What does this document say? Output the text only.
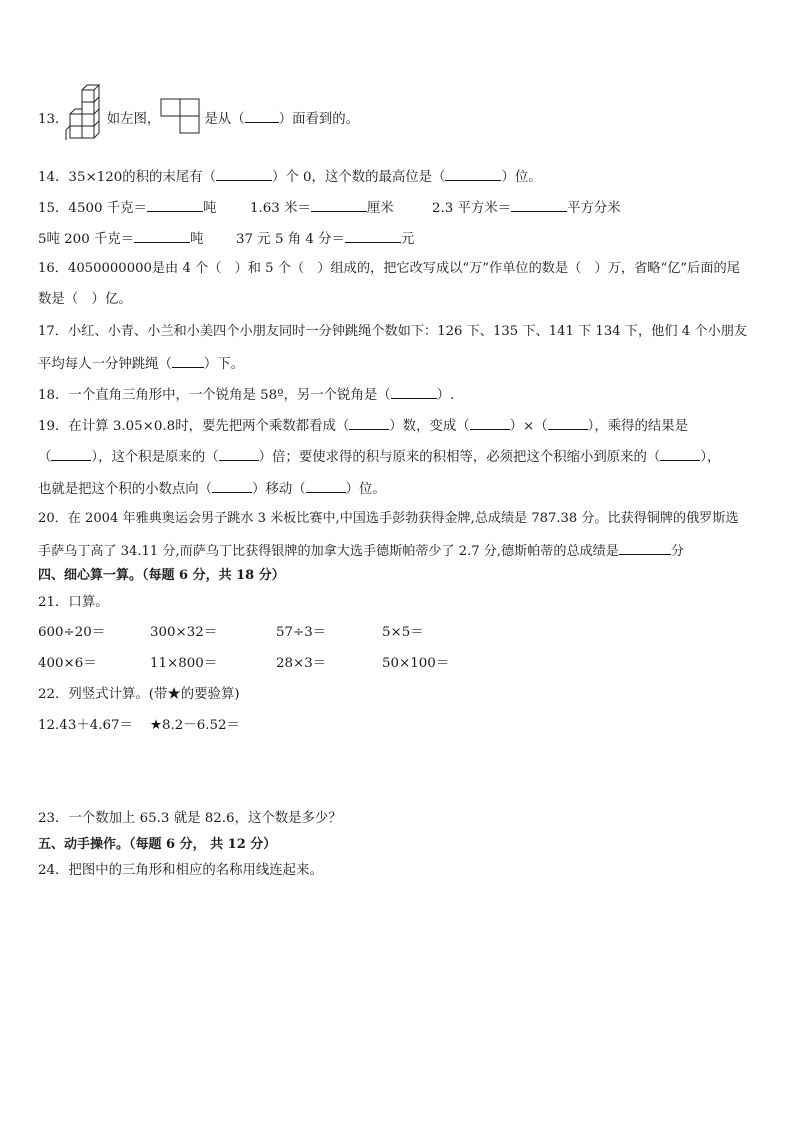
13．	如左图，	是从（	）面看到的。
14．35×120的积的末尾有（	）个 0，这个数的最高位是（	）位。
15．4500 千克＝	吨	1.63 米＝	厘米	2.3 平方米＝	平方分米
5吨 200 千克＝	吨 37 元 5 角 4 分＝	元
16．4050000000是由 4 个（　）和 5 个（　）组成的，把它改写成以“万”作单位的数是（　）万，省略“亿”后面的尾
数是（　）亿。
17．小红、小青、小兰和小美四个小朋友同时一分钟跳绳个数如下：126 下、135 下、141 下 134 下，他们 4 个小朋友
平均每人一分钟跳绳（ ）下。
18．一个直角三角形中，一个锐角是 58º，另一个锐角是（	）.
19．在计算 3.05×0.8时，要先把两个乘数都看成（	）数，变成（	）×（	），乘得的结果是
（	），这个积是原来的（	）倍；要使求得的积与原来的积相等，必须把这个积缩小到原来的（	），
也就是把这个积的小数点向（	）移动（	）位。
20．在 2004 年雅典奥运会男子跳水 3 米板比赛中,中国选手彭勃获得金牌,总成绩是 787.38 分。比获得铜牌的俄罗斯选
手萨乌丁高了 34.11 分,而萨乌丁比获得银牌的加拿大选手德斯帕蒂少了 2.7 分,德斯帕蒂的总成绩是	分
四、细心算一算。（每题 6 分，共 18 分）
21．口算。
600÷20＝	300×32＝	57÷3＝	5×5＝
400×6＝	11×800＝	28×3＝	50×100＝
22．列竖式计算。(带★的要验算)
12.43＋4.67＝ ★8.2－6.52＝
23．一个数加上 65.3 就是 82.6，这个数是多少？
五、动手操作。（每题 6 分， 共 12 分）
24．把图中的三角形和相应的名称用线连起来。
